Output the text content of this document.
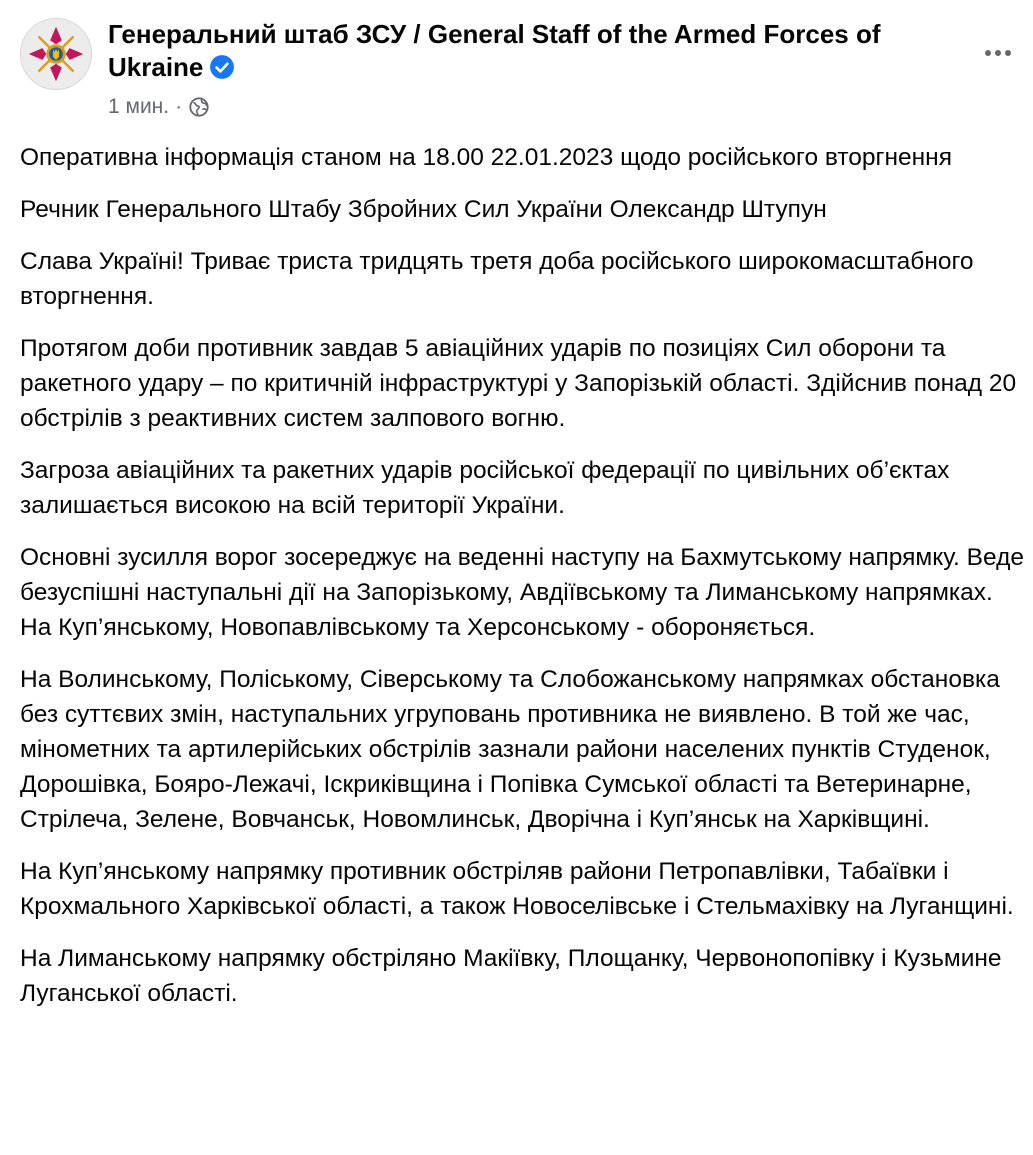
Генеральний штаб ЗСУ / General Staff of the Armed Forces of Ukraine
1 мин. ·

Оперативна інформація станом на 18.00 22.01.2023 щодо російського вторгнення

Речник Генерального Штабу Збройних Сил України Олександр Штупун

Слава Україні! Триває триста тридцять третя доба російського широкомасштабного вторгнення.

Протягом доби противник завдав 5 авіаційних ударів по позиціях Сил оборони та ракетного удару – по критичній інфраструктурі у Запорізькій області. Здійснив понад 20 обстрілів з реактивних систем залпового вогню.

Загроза авіаційних та ракетних ударів російської федерації по цивільних об’єктах залишається високою на всій території України.

Основні зусилля ворог зосереджує на веденні наступу на Бахмутському напрямку. Веде безуспішні наступальні дії на Запорізькому, Авдіївському та Лиманському напрямках. На Куп’янському, Новопавлівському та Херсонському - обороняється.

На Волинському, Поліському, Сіверському та Слобожанському напрямках обстановка без суттєвих змін, наступальних угруповань противника не виявлено. В той же час, мінометних та артилерійських обстрілів зазнали райони населених пунктів Студенок, Дорошівка, Бояро-Лежачі, Іскриківщина і Попівка Сумської області та Ветеринарне, Стрілеча, Зелене, Вовчанськ, Новомлинськ, Дворічна і Куп’янськ на Харківщині.

На Куп’янському напрямку противник обстріляв райони Петропавлівки, Табаївки і Крохмального Харківської області, а також Новоселівське і Стельмахівку на Луганщині.

На Лиманському напрямку обстріляно Макіївку, Площанку, Червонопопівку і Кузьмине Луганської області.
